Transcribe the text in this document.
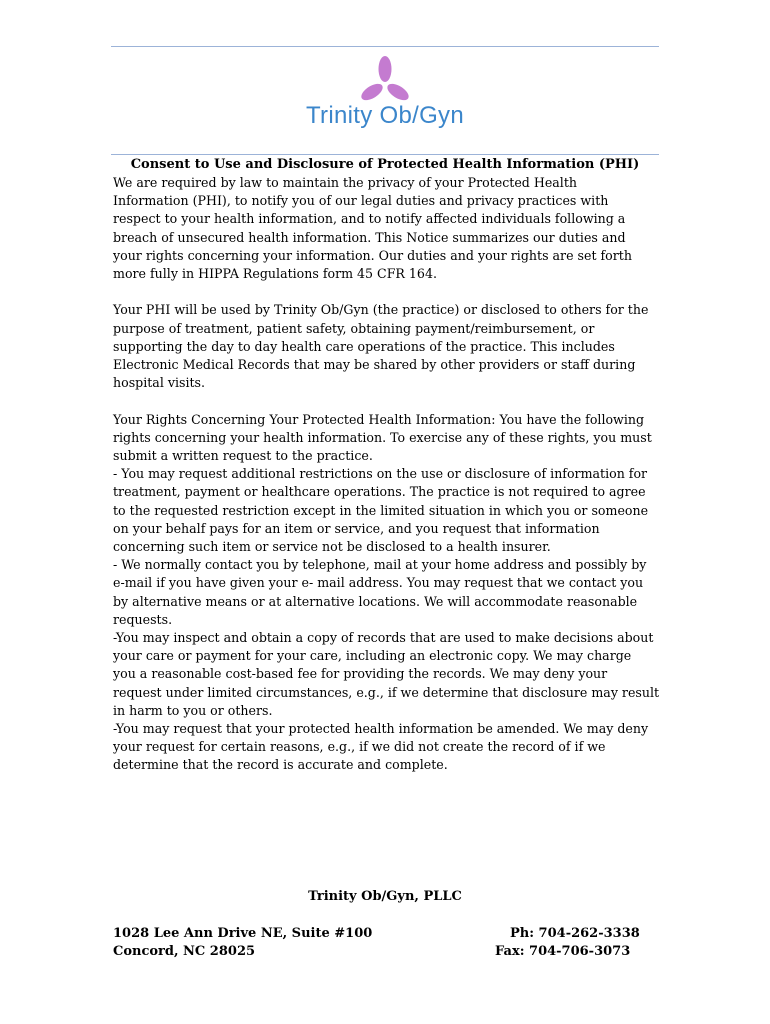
Trinity Ob/Gyn
Consent to Use and Disclosure of Protected Health Information (PHI)

We are required by law to maintain the privacy of your Protected Health
Information (PHI), to notify you of our legal duties and privacy practices with
respect to your health information, and to notify affected individuals following a
breach of unsecured health information. This Notice summarizes our duties and
your rights concerning your information. Our duties and your rights are set forth
more fully in HIPPA Regulations form 45 CFR 164.

Your PHI will be used by Trinity Ob/Gyn (the practice) or disclosed to others for the
purpose of treatment, patient safety, obtaining payment/reimbursement, or
supporting the day to day health care operations of the practice. This includes
Electronic Medical Records that may be shared by other providers or staff during
hospital visits.

Your Rights Concerning Your Protected Health Information: You have the following
rights concerning your health information. To exercise any of these rights, you must
submit a written request to the practice.
- You may request additional restrictions on the use or disclosure of information for
treatment, payment or healthcare operations. The practice is not required to agree
to the requested restriction except in the limited situation in which you or someone
on your behalf pays for an item or service, and you request that information
concerning such item or service not be disclosed to a health insurer.
- We normally contact you by telephone, mail at your home address and possibly by
e-mail if you have given your e- mail address. You may request that we contact you
by alternative means or at alternative locations. We will accommodate reasonable
requests.
-You may inspect and obtain a copy of records that are used to make decisions about
your care or payment for your care, including an electronic copy. We may charge
you a reasonable cost-based fee for providing the records. We may deny your
request under limited circumstances, e.g., if we determine that disclosure may result
in harm to you or others.
-You may request that your protected health information be amended. We may deny
your request for certain reasons, e.g., if we did not create the record of if we
determine that the record is accurate and complete.

Trinity Ob/Gyn, PLLC
1028 Lee Ann Drive NE, Suite #100
Concord, NC 28025
Ph: 704-262-3338
Fax: 704-706-3073
